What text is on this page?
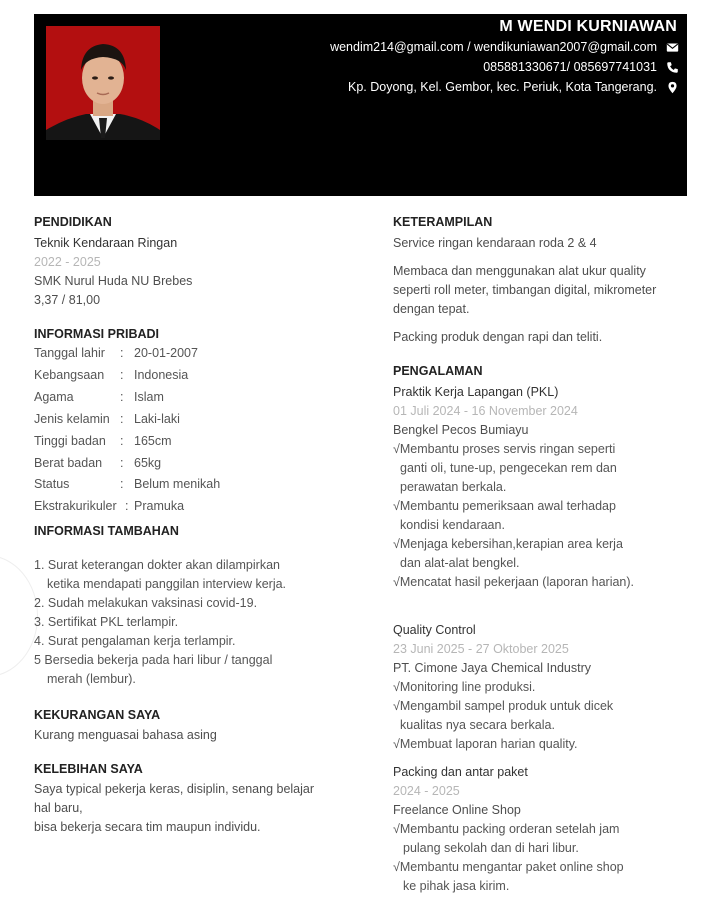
M WENDI KURNIAWAN
wendim214@gmail.com / wendikuniawan2007@gmail.com
085881330671/ 085697741031
Kp. Doyong, Kel. Gembor, kec. Periuk, Kota Tangerang.
PENDIDIKAN
Teknik Kendaraan Ringan
2022 - 2025
SMK Nurul Huda NU Brebes
3,37 / 81,00
INFORMASI PRIBADI
Tanggal lahir : 20-01-2007
Kebangsaan : Indonesia
Agama	: Islam
Jenis kelamin : Laki-laki
Tinggi badan : 165cm
Berat badan : 65kg
Status	: Belum menikah
Ekstrakurikuler : Pramuka
INFORMASI TAMBAHAN
1. Surat keterangan dokter akan dilampirkan
ketika mendapati panggilan interview kerja.
2. Sudah melakukan vaksinasi covid-19.
3. Sertifikat PKL terlampir.
4. Surat pengalaman kerja terlampir.
5 Bersedia bekerja pada hari libur / tanggal
merah (lembur).
KEKURANGAN SAYA
Kurang menguasai bahasa asing
KELEBIHAN SAYA
Saya typical pekerja keras, disiplin, senang belajar
hal baru,
bisa bekerja secara tim maupun individu.
KETERAMPILAN
Service ringan kendaraan roda 2 & 4
Membaca dan menggunakan alat ukur quality
seperti roll meter, timbangan digital, mikrometer
dengan tepat.
Packing produk dengan rapi dan teliti.
PENGALAMAN
Praktik Kerja Lapangan (PKL)
01 Juli 2024 - 16 November 2024
Bengkel Pecos Bumiayu
√Membantu proses servis ringan seperti
ganti oli, tune-up, pengecekan rem dan
perawatan berkala.
√Membantu pemeriksaan awal terhadap
kondisi kendaraan.
√Menjaga kebersihan,kerapian area kerja
dan alat-alat bengkel.
√Mencatat hasil pekerjaan (laporan harian).
Quality Control
23 Juni 2025 - 27 Oktober 2025
PT. Cimone Jaya Chemical Industry
√Monitoring line produksi.
√Mengambil sampel produk untuk dicek
kualitas nya secara berkala.
√Membuat laporan harian quality.
Packing dan antar paket
2024 - 2025
Freelance Online Shop
√Membantu packing orderan setelah jam
pulang sekolah dan di hari libur.
√Membantu mengantar paket online shop
ke pihak jasa kirim.
